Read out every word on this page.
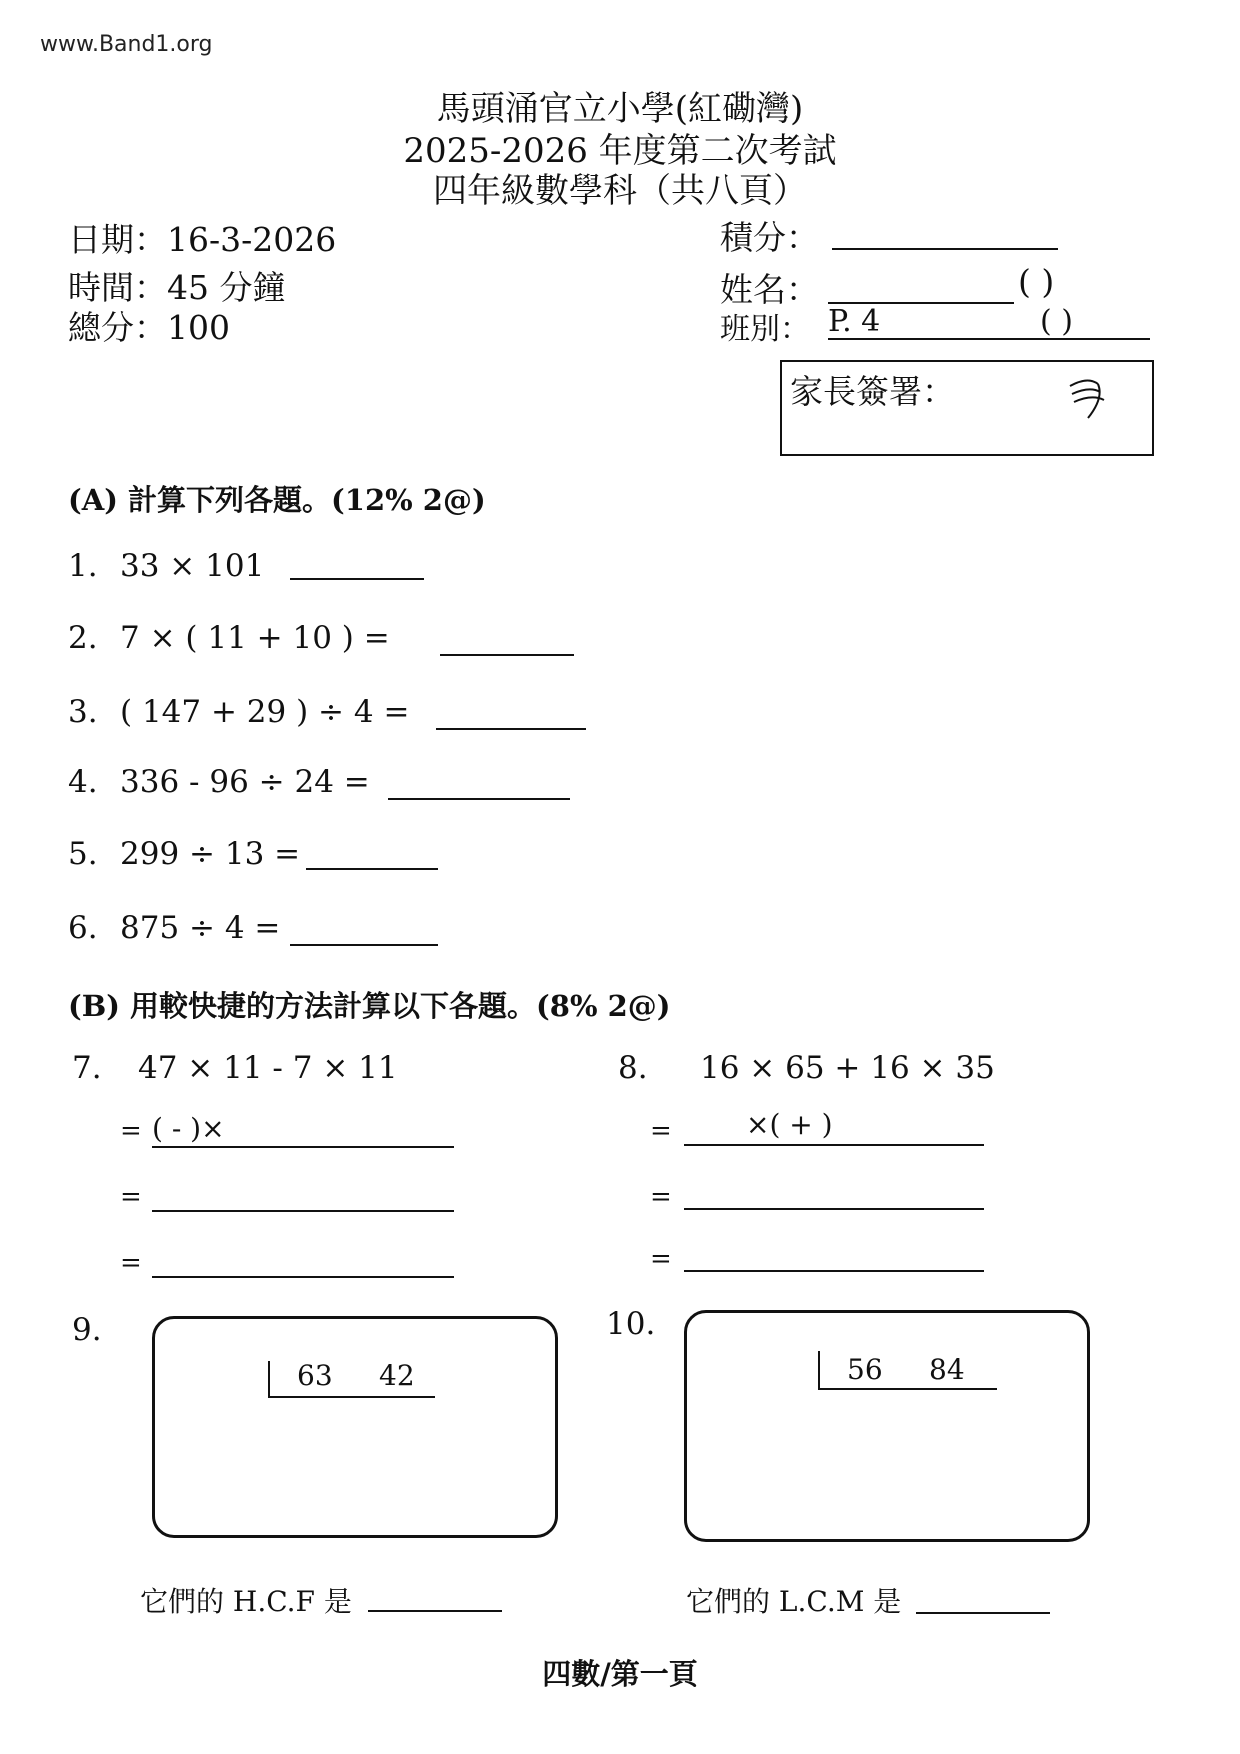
www.Band1.org
馬頭涌官立小學(紅磡灣)
2025-2026 年度第二次考試
四年級數學科（共八頁）
日期：16-3-2026
時間：45 分鐘
總分：100
積分：
姓名：	( )
班別： P. 4	( )
家長簽署：
(A) 計算下列各題。(12% 2@)
1. 33 × 101
2. 7 × ( 11 + 10 ) =
3. ( 147 + 29 ) ÷ 4 =
4. 336 - 96 ÷ 24 =
5. 299 ÷ 13 =
6. 875 ÷ 4 =
(B) 用較快捷的方法計算以下各題。(8% 2@)
7. 47 × 11 - 7 × 11
= ( - )×
=
=
8. 16 × 65 + 16 × 35
=	×( + )
=
=
9.
63 42
它們的 H.C.F 是
10.
56 84
它們的 L.C.M 是
四數/第一頁
